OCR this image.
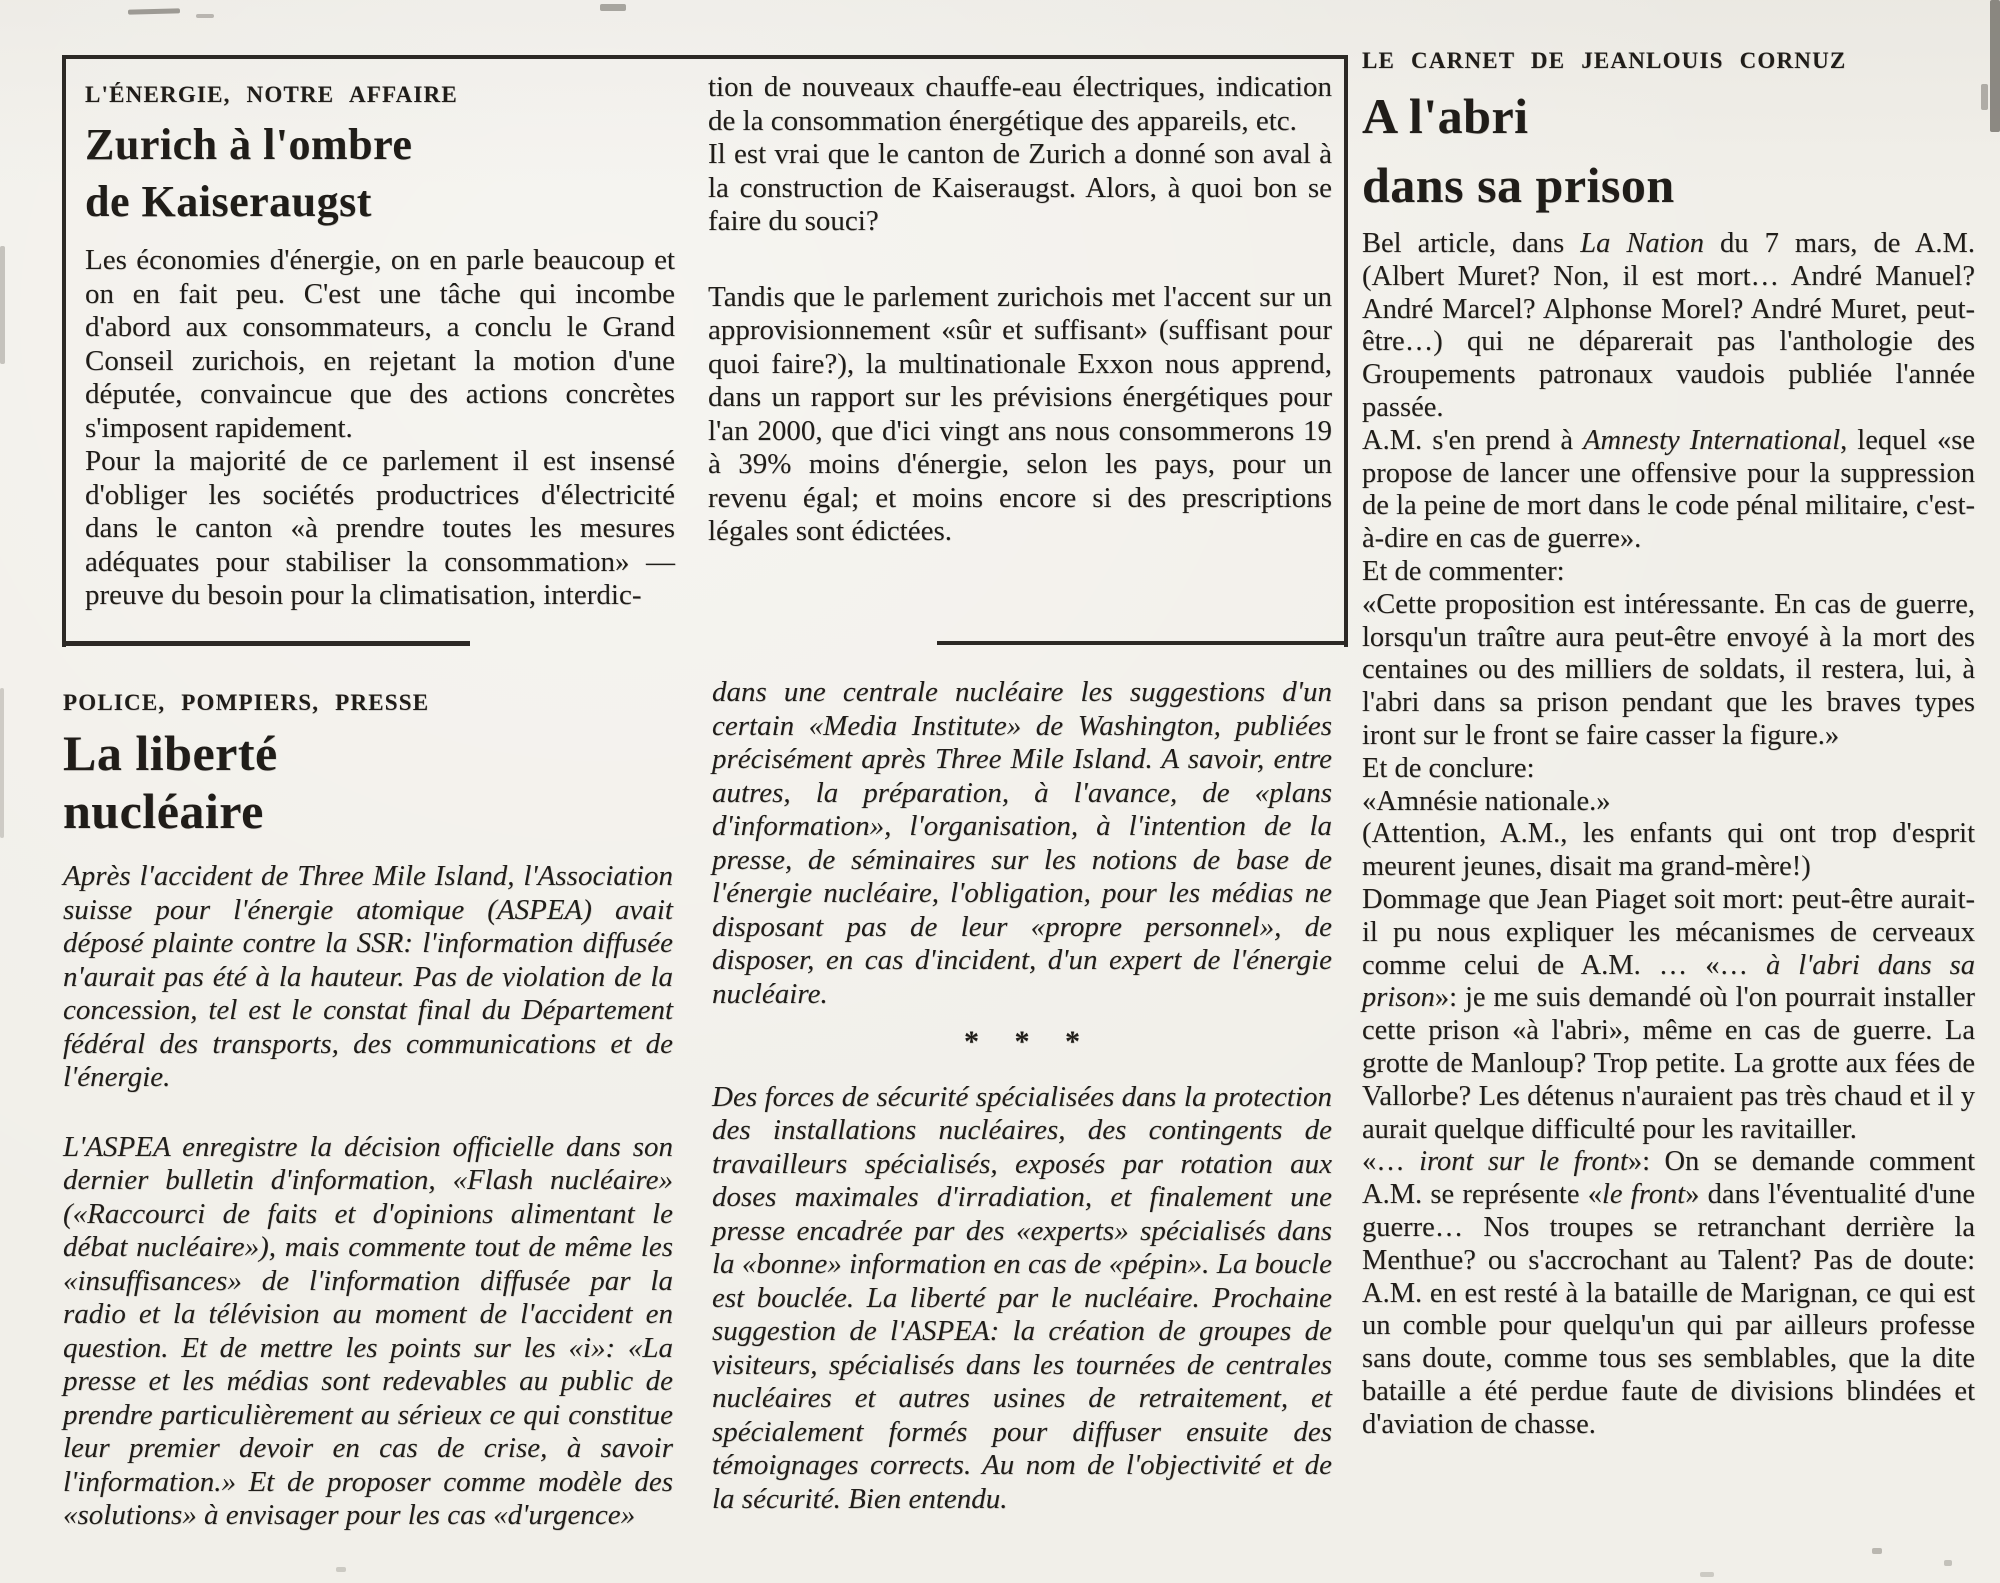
L'ÉNERGIE, NOTRE AFFAIRE
Zurich à l'ombre
de Kaiseraugst

Les économies d'énergie, on en parle beaucoup et on en fait peu. C'est une tâche qui incombe d'abord aux consommateurs, a conclu le Grand Conseil zurichois, en rejetant la motion d'une députée, convaincue que des actions concrètes s'imposent rapidement.

Pour la majorité de ce parlement il est insensé d'obliger les sociétés productrices d'électricité dans le canton «à prendre toutes les mesures adéquates pour stabiliser la consommation» — preuve du besoin pour la climatisation, interdic-

tion de nouveaux chauffe-eau électriques, indication de la consommation énergétique des appareils, etc.

Il est vrai que le canton de Zurich a donné son aval à la construction de Kaiseraugst. Alors, à quoi bon se faire du souci?

Tandis que le parlement zurichois met l'accent sur un approvisionnement «sûr et suffisant» (suffisant pour quoi faire?), la multinationale Exxon nous apprend, dans un rapport sur les prévisions énergétiques pour l'an 2000, que d'ici vingt ans nous consommerons 19 à 39% moins d'énergie, selon les pays, pour un revenu égal; et moins encore si des prescriptions légales sont édictées.

POLICE, POMPIERS, PRESSE
La liberté
nucléaire

Après l'accident de Three Mile Island, l'Association suisse pour l'énergie atomique (ASPEA) avait déposé plainte contre la SSR: l'information diffusée n'aurait pas été à la hauteur. Pas de violation de la concession, tel est le constat final du Département fédéral des transports, des communications et de l'énergie.

L'ASPEA enregistre la décision officielle dans son dernier bulletin d'information, «Flash nucléaire» («Raccourci de faits et d'opinions alimentant le débat nucléaire»), mais commente tout de même les «insuffisances» de l'information diffusée par la radio et la télévision au moment de l'accident en question. Et de mettre les points sur les «i»: «La presse et les médias sont redevables au public de prendre particulièrement au sérieux ce qui constitue leur premier devoir en cas de crise, à savoir l'information.» Et de proposer comme modèle des «solutions» à envisager pour les cas «d'urgence»

dans une centrale nucléaire les suggestions d'un certain «Media Institute» de Washington, publiées précisément après Three Mile Island. A savoir, entre autres, la préparation, à l'avance, de «plans d'information», l'organisation, à l'intention de la presse, de séminaires sur les notions de base de l'énergie nucléaire, l'obligation, pour les médias ne disposant pas de leur «propre personnel», de disposer, en cas d'incident, d'un expert de l'énergie nucléaire.

* * *

Des forces de sécurité spécialisées dans la protection des installations nucléaires, des contingents de travailleurs spécialisés, exposés par rotation aux doses maximales d'irradiation, et finalement une presse encadrée par des «experts» spécialisés dans la «bonne» information en cas de «pépin». La boucle est bouclée. La liberté par le nucléaire. Prochaine suggestion de l'ASPEA: la création de groupes de visiteurs, spécialisés dans les tournées de centrales nucléaires et autres usines de retraitement, et spécialement formés pour diffuser ensuite des témoignages corrects. Au nom de l'objectivité et de la sécurité. Bien entendu.

LE CARNET DE JEANLOUIS CORNUZ
A l'abri
dans sa prison

Bel article, dans La Nation du 7 mars, de A.M. (Albert Muret? Non, il est mort… André Manuel? André Marcel? Alphonse Morel? André Muret, peut-être…) qui ne déparerait pas l'anthologie des Groupements patronaux vaudois publiée l'année passée.

A.M. s'en prend à Amnesty International, lequel «se propose de lancer une offensive pour la suppression de la peine de mort dans le code pénal militaire, c'est-à-dire en cas de guerre».

Et de commenter:

«Cette proposition est intéressante. En cas de guerre, lorsqu'un traître aura peut-être envoyé à la mort des centaines ou des milliers de soldats, il restera, lui, à l'abri dans sa prison pendant que les braves types iront sur le front se faire casser la figure.»

Et de conclure:

«Amnésie nationale.»

(Attention, A.M., les enfants qui ont trop d'esprit meurent jeunes, disait ma grand-mère!)

Dommage que Jean Piaget soit mort: peut-être aurait-il pu nous expliquer les mécanismes de cerveaux comme celui de A.M. … «… à l'abri dans sa prison»: je me suis demandé où l'on pourrait installer cette prison «à l'abri», même en cas de guerre. La grotte de Manloup? Trop petite. La grotte aux fées de Vallorbe? Les détenus n'auraient pas très chaud et il y aurait quelque difficulté pour les ravitailler.

«… iront sur le front»: On se demande comment A.M. se représente «le front» dans l'éventualité d'une guerre… Nos troupes se retranchant derrière la Menthue? ou s'accrochant au Talent? Pas de doute: A.M. en est resté à la bataille de Marignan, ce qui est un comble pour quelqu'un qui par ailleurs professe sans doute, comme tous ses semblables, que la dite bataille a été perdue faute de divisions blindées et d'aviation de chasse.
